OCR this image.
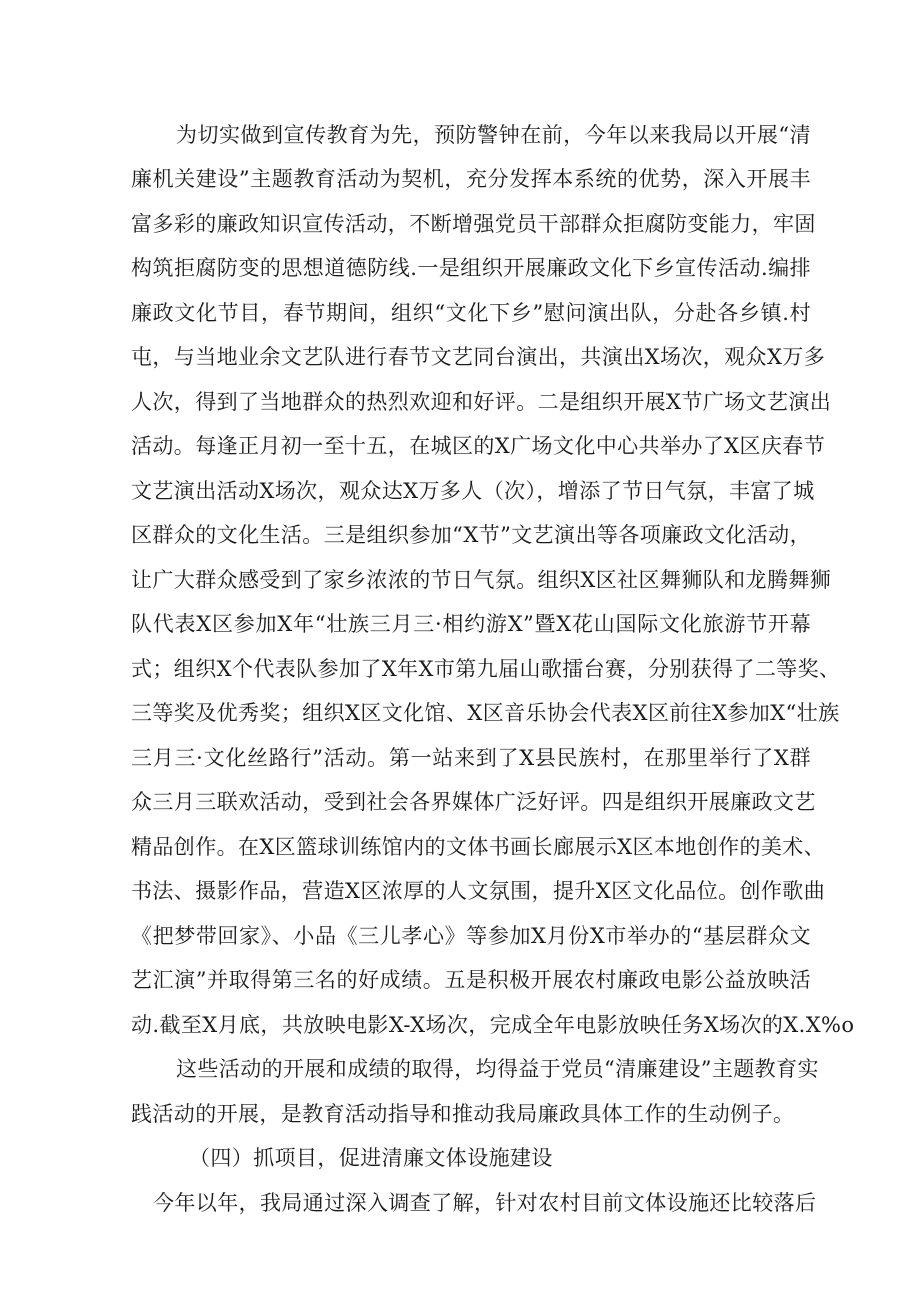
为切实做到宣传教育为先，预防警钟在前，今年以来我局以开展“清
廉机关建设”主题教育活动为契机，充分发挥本系统的优势，深入开展丰
富多彩的廉政知识宣传活动，不断增强党员干部群众拒腐防变能力，牢固
构筑拒腐防变的思想道德防线.一是组织开展廉政文化下乡宣传活动.编排
廉政文化节目，春节期间，组织“文化下乡”慰问演出队，分赴各乡镇.村
屯，与当地业余文艺队进行春节文艺同台演出，共演出X场次，观众X万多
人次，得到了当地群众的热烈欢迎和好评。二是组织开展X节广场文艺演出
活动。每逢正月初一至十五，在城区的X广场文化中心共举办了X区庆春节
文艺演出活动X场次，观众达X万多人（次），增添了节日气氛，丰富了城
区群众的文化生活。三是组织参加“X节”文艺演出等各项廉政文化活动，
让广大群众感受到了家乡浓浓的节日气氛。组织X区社区舞狮队和龙腾舞狮
队代表X区参加X年“壮族三月三·相约游X”暨X花山国际文化旅游节开幕
式；组织X个代表队参加了X年X市第九届山歌擂台赛，分别获得了二等奖、
三等奖及优秀奖；组织X区文化馆、X区音乐协会代表X区前往X参加X“壮族
三月三·文化丝路行”活动。第一站来到了X县民族村，在那里举行了X群
众三月三联欢活动，受到社会各界媒体广泛好评。四是组织开展廉政文艺
精品创作。在X区篮球训练馆内的文体书画长廊展示X区本地创作的美术、
书法、摄影作品，营造X区浓厚的人文氛围，提升X区文化品位。创作歌曲
《把梦带回家》、小品《三儿孝心》等参加X月份X市举办的“基层群众文
艺汇演”并取得第三名的好成绩。五是积极开展农村廉政电影公益放映活
动.截至X月底，共放映电影X-X场次，完成全年电影放映任务X场次的X.X%o
这些活动的开展和成绩的取得，均得益于党员“清廉建设”主题教育实
践活动的开展，是教育活动指导和推动我局廉政具体工作的生动例子。
（四）抓项目，促进清廉文体设施建设
今年以年，我局通过深入调查了解，针对农村目前文体设施还比较落后
